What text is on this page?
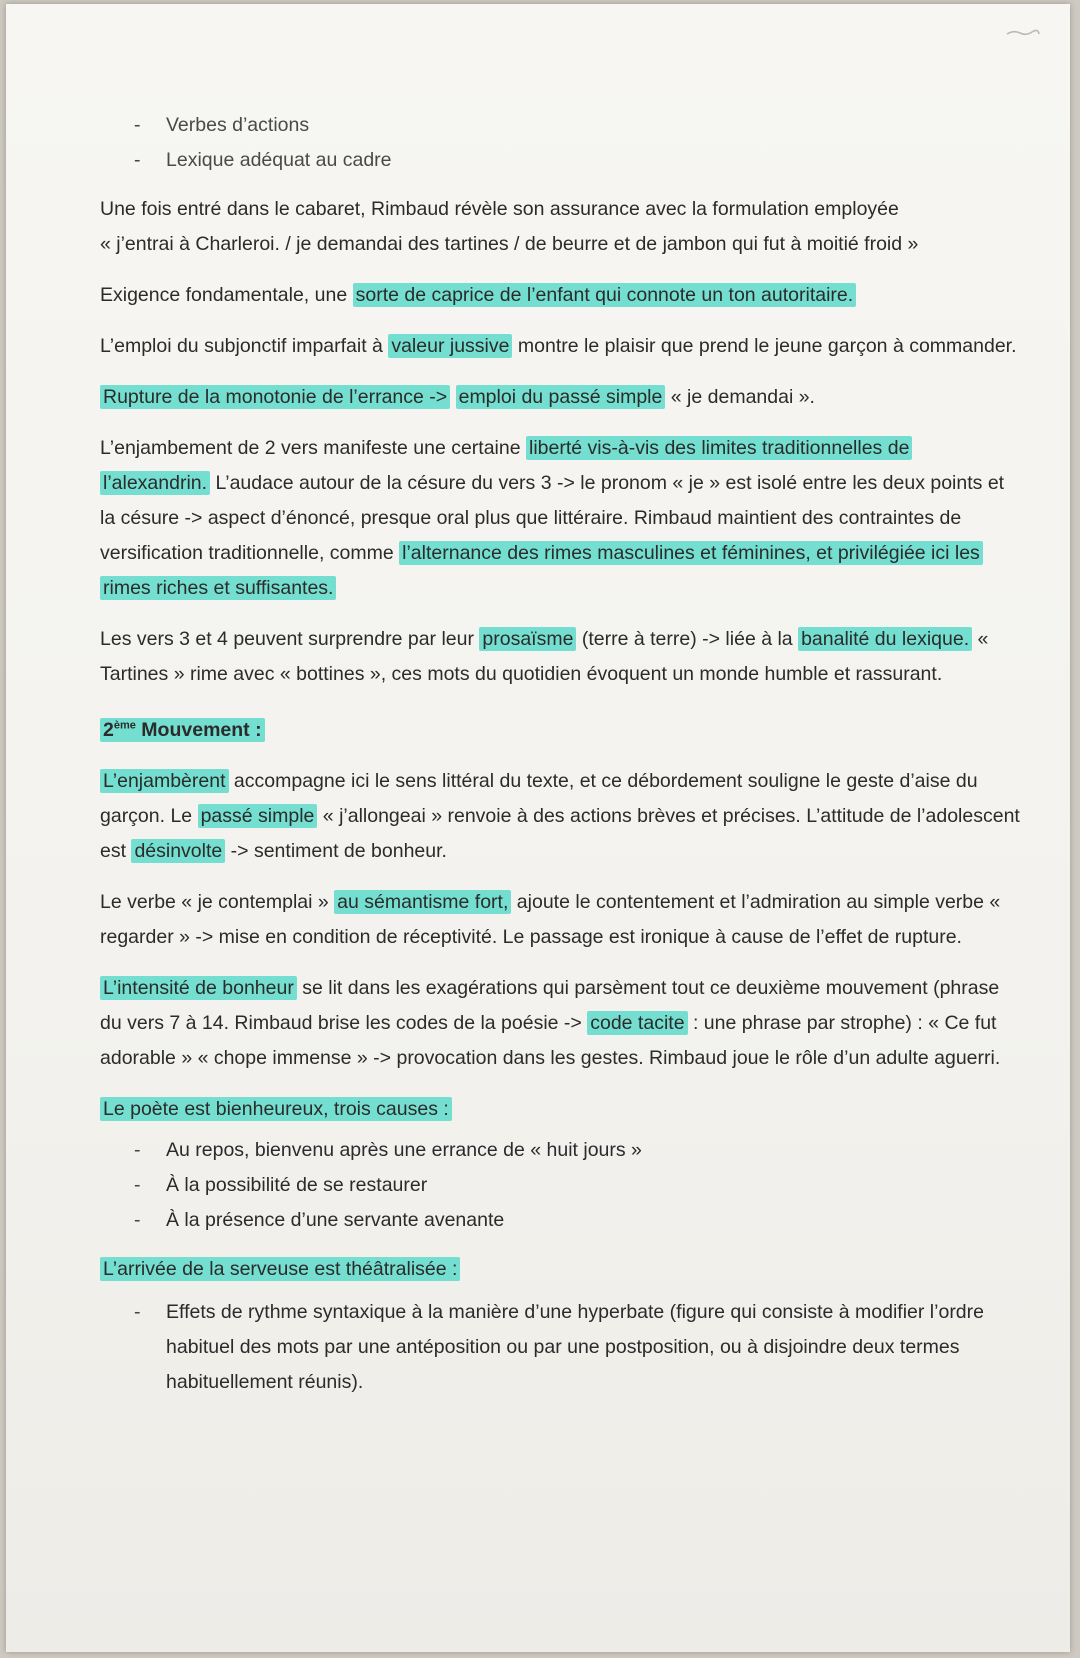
- Verbes d’actions
- Lexique adéquat au cadre

Une fois entré dans le cabaret, Rimbaud révèle son assurance avec la formulation employée
« j’entrai à Charleroi. / je demandai des tartines / de beurre et de jambon qui fut à moitié froid »

Exigence fondamentale, une sorte de caprice de l’enfant qui connote un ton autoritaire.

L’emploi du subjonctif imparfait à valeur jussive montre le plaisir que prend le jeune garçon à commander.

Rupture de la monotonie de l’errance -> emploi du passé simple « je demandai ».

L’enjambement de 2 vers manifeste une certaine liberté vis-à-vis des limites traditionnelles de l’alexandrin. L’audace autour de la césure du vers 3 -> le pronom « je » est isolé entre les deux points et la césure -> aspect d’énoncé, presque oral plus que littéraire. Rimbaud maintient des contraintes de versification traditionnelle, comme l’alternance des rimes masculines et féminines, et privilégiée ici les rimes riches et suffisantes.

Les vers 3 et 4 peuvent surprendre par leur prosaïsme (terre à terre) -> liée à la banalité du lexique. « Tartines » rime avec « bottines », ces mots du quotidien évoquent un monde humble et rassurant.

2ème Mouvement :

L’enjambèrent accompagne ici le sens littéral du texte, et ce débordement souligne le geste d’aise du garçon. Le passé simple « j’allongeai » renvoie à des actions brèves et précises. L’attitude de l’adolescent est désinvolte -> sentiment de bonheur.

Le verbe « je contemplai » au sémantisme fort, ajoute le contentement et l’admiration au simple verbe « regarder » -> mise en condition de réceptivité. Le passage est ironique à cause de l’effet de rupture.

L’intensité de bonheur se lit dans les exagérations qui parsèment tout ce deuxième mouvement (phrase du vers 7 à 14. Rimbaud brise les codes de la poésie -> code tacite : une phrase par strophe) : « Ce fut adorable » « chope immense » -> provocation dans les gestes. Rimbaud joue le rôle d’un adulte aguerri.

Le poète est bienheureux, trois causes :

- Au repos, bienvenu après une errance de « huit jours »
- À la possibilité de se restaurer
- À la présence d’une servante avenante

L’arrivée de la serveuse est théâtralisée :

- Effets de rythme syntaxique à la manière d’une hyperbate (figure qui consiste à modifier l’ordre habituel des mots par une antéposition ou par une postposition, ou à disjoindre deux termes habituellement réunis).
